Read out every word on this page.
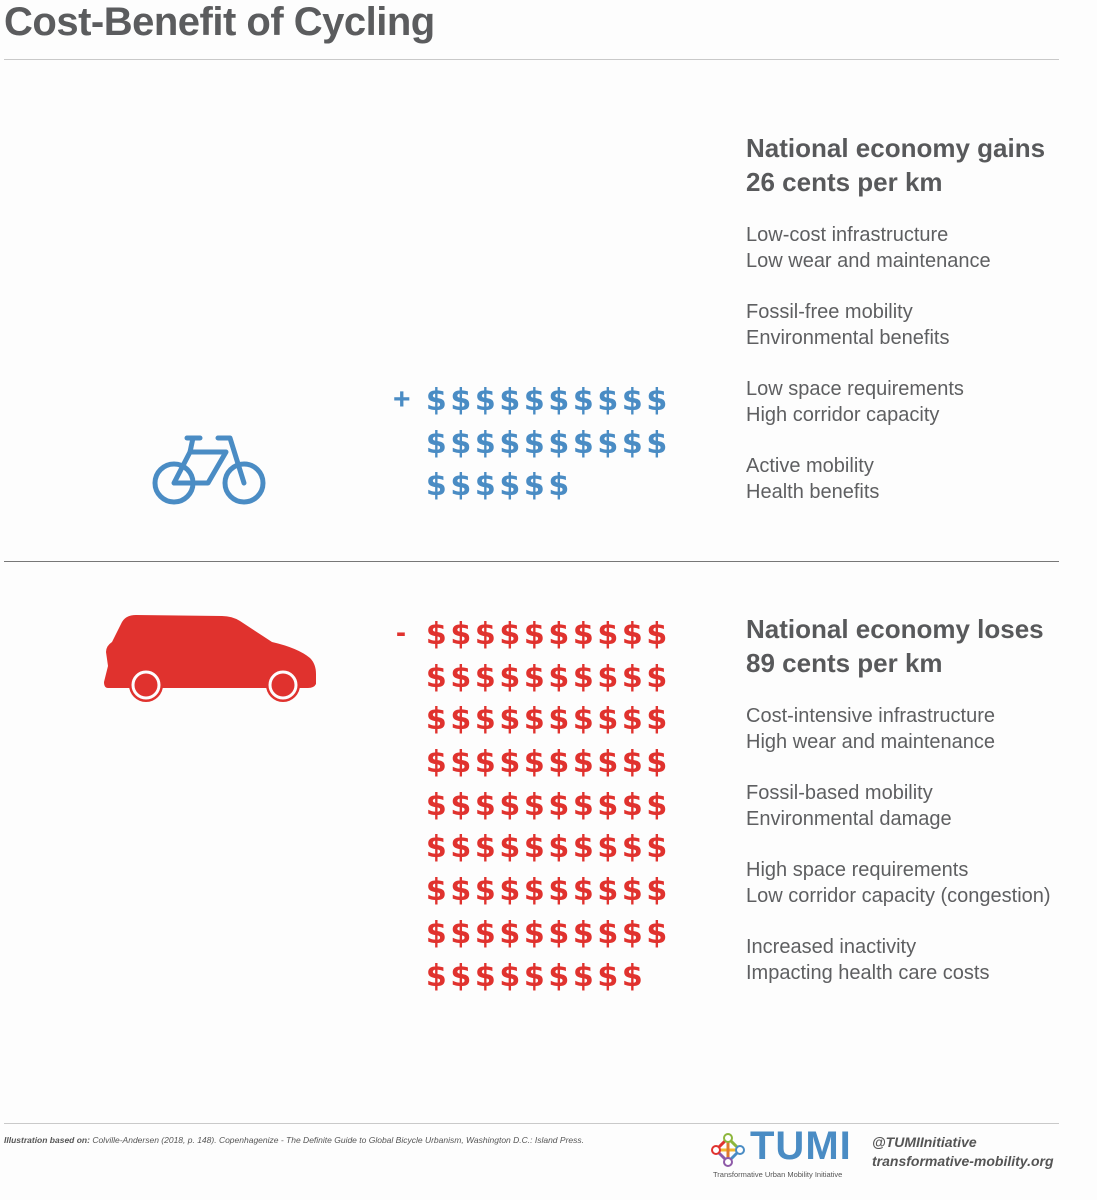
Cost-Benefit of Cycling
+ $ $ $ $ $ $ $ $ $ $
$ $ $ $ $ $ $ $ $ $
$ $ $ $ $ $
National economy gains
26 cents per km
Low-cost infrastructure
Low wear and maintenance
Fossil-free mobility
Environmental benefits
Low space requirements
High corridor capacity
Active mobility
Health benefits
- $ $ $ $ $ $ $ $ $ $
$ $ $ $ $ $ $ $ $ $
$ $ $ $ $ $ $ $ $ $
$ $ $ $ $ $ $ $ $ $
$ $ $ $ $ $ $ $ $ $
$ $ $ $ $ $ $ $ $ $
$ $ $ $ $ $ $ $ $ $
$ $ $ $ $ $ $ $ $ $
$ $ $ $ $ $ $ $ $
National economy loses
89 cents per km
Cost-intensive infrastructure
High wear and maintenance
Fossil-based mobility
Environmental damage
High space requirements
Low corridor capacity (congestion)
Increased inactivity
Impacting health care costs
Illustration based on: Colville-Andersen (2018, p. 148). Copenhagenize - The Definite Guide to Global Bicycle Urbanism, Washington D.C.: Island Press.	TUMI
Transformative Urban Mobility Initiative
@TUMIInitiative
transformative-mobility.org
